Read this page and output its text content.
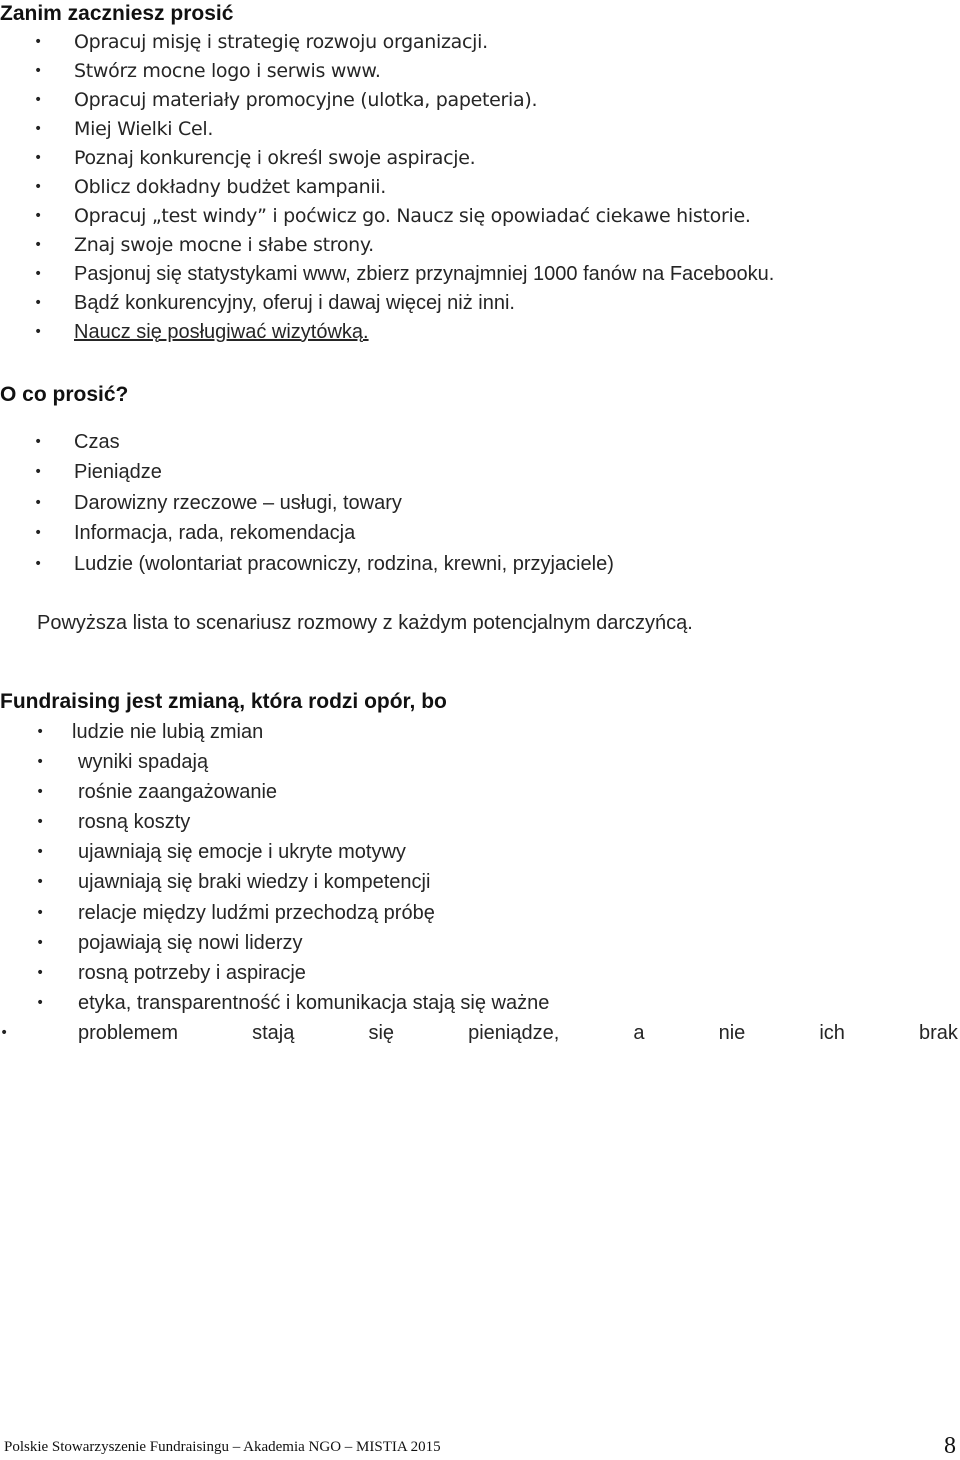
Zanim zaczniesz prosić
• Opracuj misję i strategię rozwoju organizacji.
• Stwórz mocne logo i serwis www.
• Opracuj materiały promocyjne (ulotka, papeteria).
• Miej Wielki Cel.
• Poznaj konkurencję i określ swoje aspiracje.
• Oblicz dokładny budżet kampanii.
• Opracuj „test windy” i poćwicz go. Naucz się opowiadać ciekawe historie.
• Znaj swoje mocne i słabe strony.
• Pasjonuj się statystykami www, zbierz przynajmniej 1000 fanów na Facebooku.
• Bądź konkurencyjny, oferuj i dawaj więcej niż inni.
• Naucz się posługiwać wizytówką.
O co prosić?
• Czas
• Pieniądze
• Darowizny rzeczowe – usługi, towary
• Informacja, rada, rekomendacja
• Ludzie (wolontariat pracowniczy, rodzina, krewni, przyjaciele)

Powyższa lista to scenariusz rozmowy z każdym potencjalnym darczyńcą.

Fundraising jest zmianą, która rodzi opór, bo
• ludzie nie lubią zmian
• wyniki spadają
• rośnie zaangażowanie
• rosną koszty
• ujawniają się emocje i ukryte motywy
• ujawniają się braki wiedzy i kompetencji
• relacje między ludźmi przechodzą próbę
• pojawiają się nowi liderzy
• rosną potrzeby i aspiracje
• etyka, transparentność i komunikacja stają się ważne
•	problemem	stają	się	pieniądze,	a	nie	ich	brak
Polskie Stowarzyszenie Fundraisingu – Akademia NGO – MISTIA 2015	8
